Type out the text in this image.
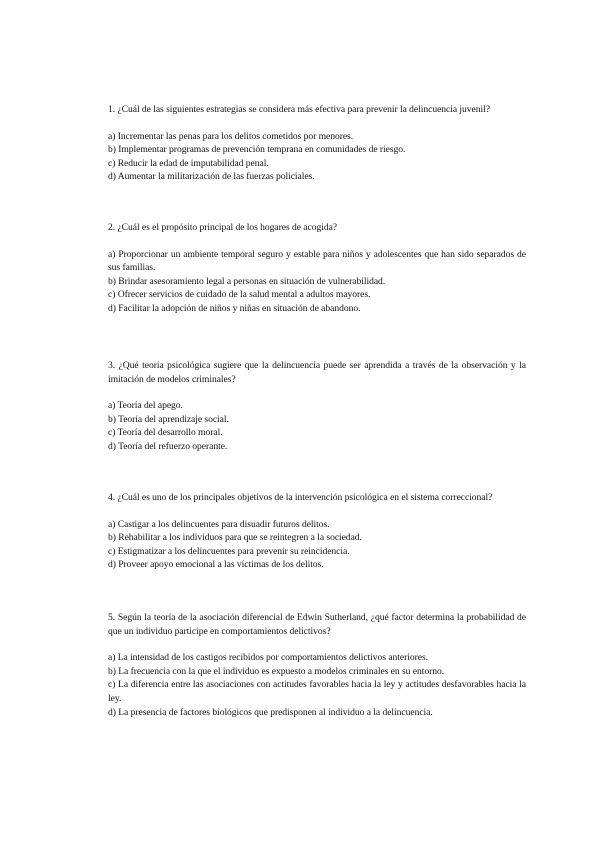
1. ¿Cuál de las siguientes estrategias se considera más efectiva para prevenir la delincuencia juvenil?

a) Incrementar las penas para los delitos cometidos por menores.
b) Implementar programas de prevención temprana en comunidades de riesgo.
c) Reducir la edad de imputabilidad penal.
d) Aumentar la militarización de las fuerzas policiales.

2. ¿Cuál es el propósito principal de los hogares de acogida?

a) Proporcionar un ambiente temporal seguro y estable para niños y adolescentes que han sido separados de sus familias.
b) Brindar asesoramiento legal a personas en situación de vulnerabilidad.
c) Ofrecer servicios de cuidado de la salud mental a adultos mayores.
d) Facilitar la adopción de niños y niñas en situación de abandono.

3. ¿Qué teoría psicológica sugiere que la delincuencia puede ser aprendida a través de la observación y la imitación de modelos criminales?

a) Teoría del apego.
b) Teoría del aprendizaje social.
c) Teoría del desarrollo moral.
d) Teoría del refuerzo operante.

4. ¿Cuál es uno de los principales objetivos de la intervención psicológica en el sistema correccional?

a) Castigar a los delincuentes para disuadir futuros delitos.
b) Rehabilitar a los individuos para que se reintegren a la sociedad.
c) Estigmatizar a los delincuentes para prevenir su reincidencia.
d) Proveer apoyo emocional a las víctimas de los delitos.

5. Según la teoría de la asociación diferencial de Edwin Sutherland, ¿qué factor determina la probabilidad de que un individuo participe en comportamientos delictivos?

a) La intensidad de los castigos recibidos por comportamientos delictivos anteriores.
b) La frecuencia con la que el individuo es expuesto a modelos criminales en su entorno.
c) La diferencia entre las asociaciones con actitudes favorables hacia la ley y actitudes desfavorables hacia la ley.
d) La presencia de factores biológicos que predisponen al individuo a la delincuencia.
